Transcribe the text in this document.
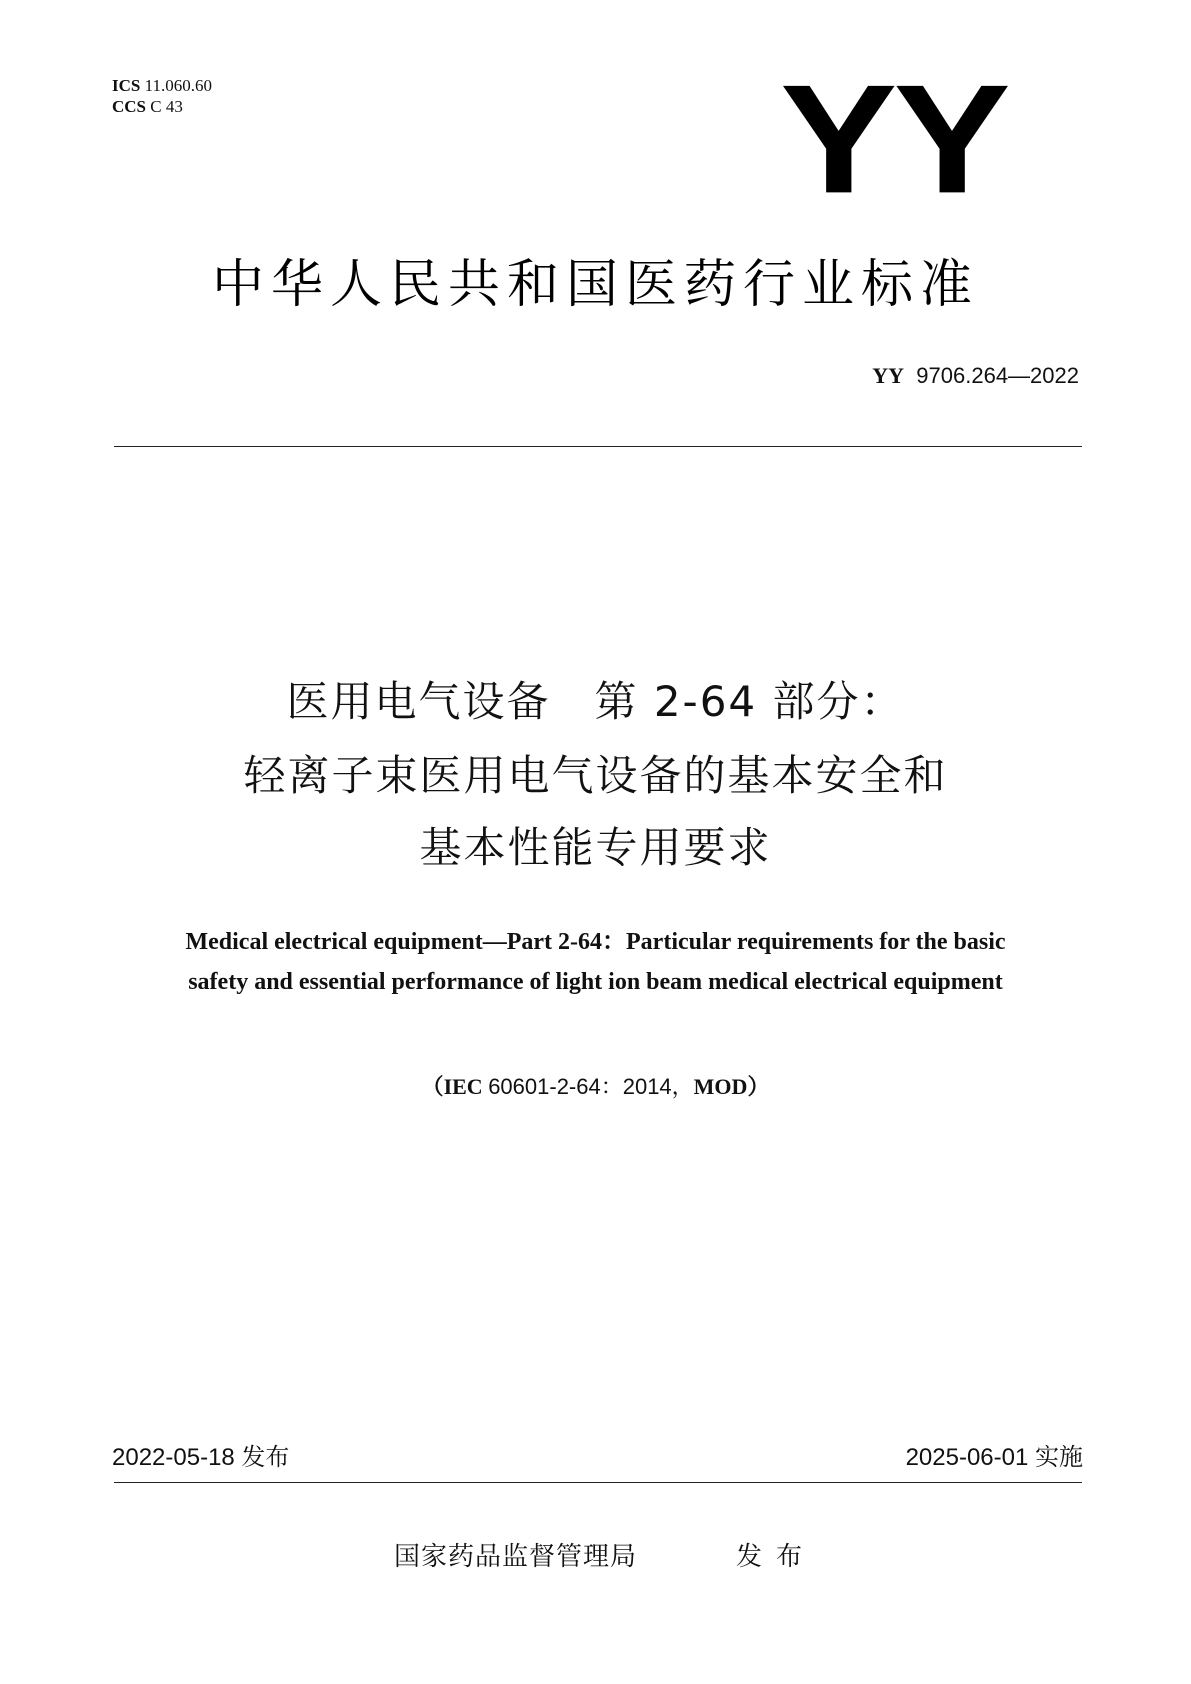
ICS 11.060.60
CCS C 43	YY
中华人民共和国医药行业标准
YY 9706.264—2022
医用电气设备　第 2-64 部分：
轻离子束医用电气设备的基本安全和
基本性能专用要求
Medical electrical equipment—Part 2-64：Particular requirements for the basic
safety and essential performance of light ion beam medical electrical equipment
（IEC 60601-2-64：2014，MOD）
2022-05-18 发布	2025-06-01 实施
国家药品监督管理局	发布
